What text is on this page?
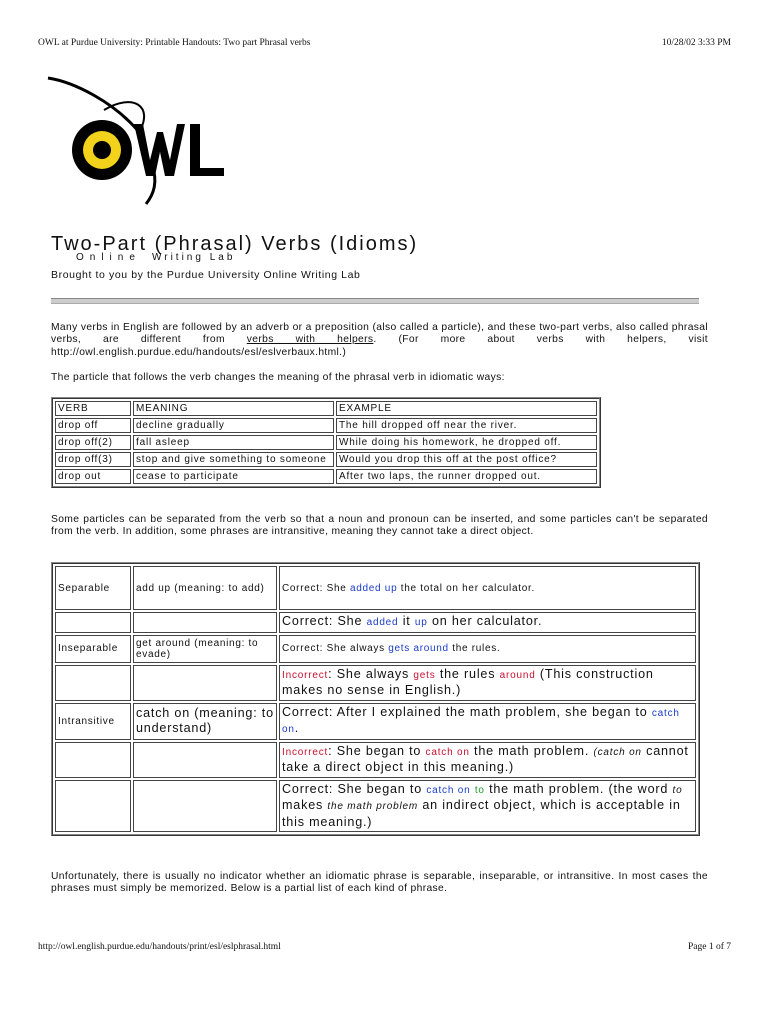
OWL at Purdue University: Printable Handouts: Two part Phrasal verbs	10/28/02 3:33 PM
Online Writing Lab
Two-Part (Phrasal) Verbs (Idioms)
Brought to you by the Purdue University Online Writing Lab

Many verbs in English are followed by an adverb or a preposition (also called a particle), and these two-part verbs, also called phrasal verbs, are different from verbs with helpers. (For more about verbs with helpers, visit http://owl.english.purdue.edu/handouts/esl/eslverbaux.html.)

The particle that follows the verb changes the meaning of the phrasal verb in idiomatic ways:

VERB	MEANING	EXAMPLE
drop off	decline gradually	The hill dropped off near the river.
drop off(2)	fall asleep	While doing his homework, he dropped off.
drop off(3)	stop and give something to someone	Would you drop this off at the post office?
drop out	cease to participate	After two laps, the runner dropped out.

Some particles can be separated from the verb so that a noun and pronoun can be inserted, and some particles can't be separated from the verb. In addition, some phrases are intransitive, meaning they cannot take a direct object.

Separable	add up (meaning: to add)	Correct: She added up the total on her calculator.
		Correct: She added it up on her calculator.
Inseparable	get around (meaning: to evade)	Correct: She always gets around the rules.
		Incorrect: She always gets the rules around (This construction makes no sense in English.)
Intransitive	catch on (meaning: to understand)	Correct: After I explained the math problem, she began to catch on.
		Incorrect: She began to catch on the math problem. (catch on cannot take a direct object in this meaning.)
		Correct: She began to catch on to the math problem. (the word to makes the math problem an indirect object, which is acceptable in this meaning.)

Unfortunately, there is usually no indicator whether an idiomatic phrase is separable, inseparable, or intransitive. In most cases the phrases must simply be memorized. Below is a partial list of each kind of phrase.

http://owl.english.purdue.edu/handouts/print/esl/eslphrasal.html	Page 1 of 7
